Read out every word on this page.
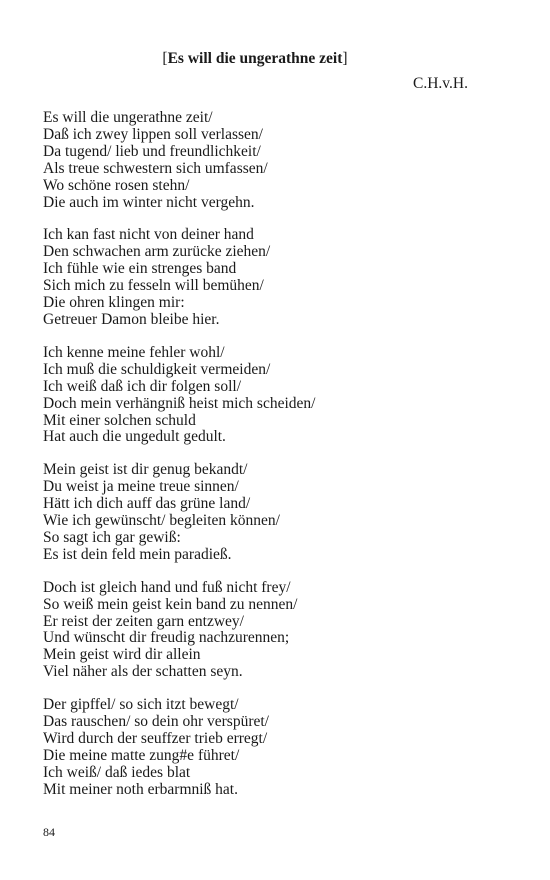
[Es will die ungerathne zeit]
C.H.v.H.
Es will die ungerathne zeit/
Daß ich zwey lippen soll verlassen/
Da tugend/ lieb und freundlichkeit/
Als treue schwestern sich umfassen/
Wo schöne rosen stehn/
Die auch im winter nicht vergehn.
Ich kan fast nicht von deiner hand
Den schwachen arm zurücke ziehen/
Ich fühle wie ein strenges band
Sich mich zu fesseln will bemühen/
Die ohren klingen mir:
Getreuer Damon bleibe hier.
Ich kenne meine fehler wohl/
Ich muß die schuldigkeit vermeiden/
Ich weiß daß ich dir folgen soll/
Doch mein verhängniß heist mich scheiden/
Mit einer solchen schuld
Hat auch die ungedult gedult.
Mein geist ist dir genug bekandt/
Du weist ja meine treue sinnen/
Hätt ich dich auff das grüne land/
Wie ich gewünscht/ begleiten können/
So sagt ich gar gewiß:
Es ist dein feld mein paradieß.
Doch ist gleich hand und fuß nicht frey/
So weiß mein geist kein band zu nennen/
Er reist der zeiten garn entzwey/
Und wünscht dir freudig nachzurennen;
Mein geist wird dir allein
Viel näher als der schatten seyn.
Der gipffel/ so sich itzt bewegt/
Das rauschen/ so dein ohr verspüret/
Wird durch der seuffzer trieb erregt/
Die meine matte zung#e führet/
Ich weiß/ daß iedes blat
Mit meiner noth erbarmniß hat.
84
